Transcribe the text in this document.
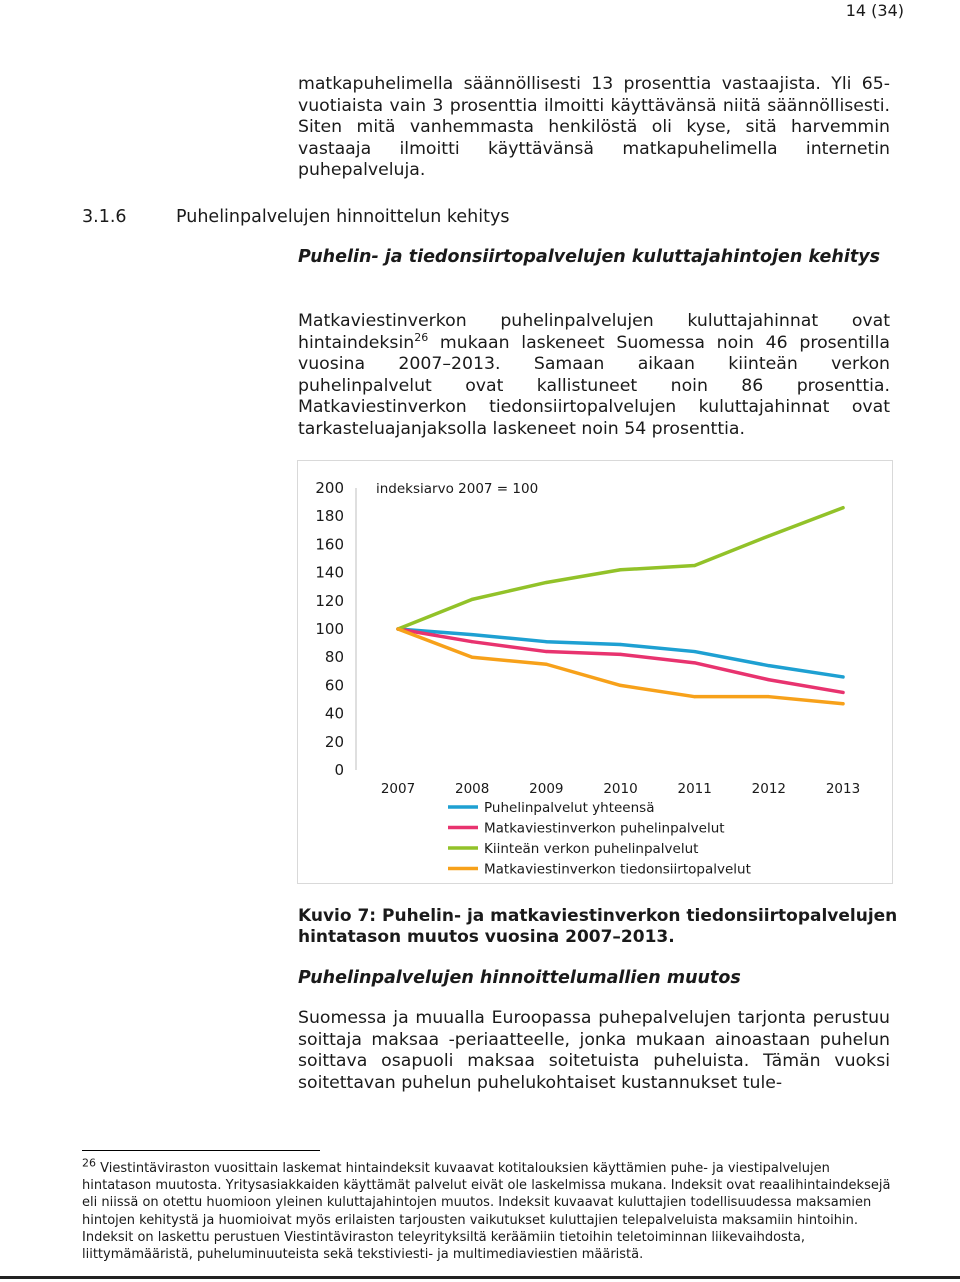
14 (34)
matkapuhelimella säännöllisesti 13 prosenttia vastaajista. Yli 65-vuotiaista vain 3 prosenttia ilmoitti käyttävänsä niitä säännöllisesti. Siten mitä vanhemmasta henkilöstä oli kyse, sitä harvemmin vastaaja ilmoitti käyttävänsä matkapuhelimella internetin puhepalveluja.
3.1.6	Puhelinpalvelujen hinnoittelun kehitys
Puhelin- ja tiedonsiirtopalvelujen kuluttajahintojen kehitys
Matkaviestinverkon puhelinpalvelujen kuluttajahinnat ovat hintaindeksin$^{26}$ mukaan laskeneet Suomessa noin 46 prosentilla vuosina 2007–2013. Samaan aikaan kiinteän verkon puhelinpalvelut ovat kallistuneet noin 86 prosenttia. Matkaviestinverkon tiedonsiirtopalvelujen kuluttajahinnat ovat tarkasteluajanjaksolla laskeneet noin 54 prosenttia.
200
180
160
140
120
100
80
60
40
20
0
indeksiarvo 2007 = 100
2007	2008	2009	2010	2011	2012	2013
Puhelinpalvelut yhteensä
Matkaviestinverkon puhelinpalvelut
Kiinteän verkon puhelinpalvelut
Matkaviestinverkon tiedonsiirtopalvelut
Kuvio 7: Puhelin- ja matkaviestinverkon tiedonsiirtopalvelujen hintatason muutos vuosina 2007–2013.
Puhelinpalvelujen hinnoittelumallien muutos
Suomessa ja muualla Euroopassa puhepalvelujen tarjonta perustuu soittaja maksaa -periaatteelle, jonka mukaan ainoastaan puhelun soittava osapuoli maksaa soitetuista puheluista. Tämän vuoksi soitettavan puhelun puhelukohtaiset kustannukset tule-
$^{26}$ Viestintäviraston vuosittain laskemat hintaindeksit kuvaavat kotitalouksien käyttämien puhe- ja viestipalvelujen hintatason muutosta. Yritysasiakkaiden käyttämät palvelut eivät ole laskelmissa mukana. Indeksit ovat reaalihintaindeksejä eli niissä on otettu huomioon yleinen kuluttajahintojen muutos. Indeksit kuvaavat kuluttajien todellisuudessa maksamien hintojen kehitystä ja huomioivat myös erilaisten tarjousten vaikutukset kuluttajien telepalveluista maksamiin hintoihin. Indeksit on laskettu perustuen Viestintäviraston teleyrityksiltä keräämiin tietoihin teletoiminnan liikevaihdosta, liittymämääristä, puheluminuuteista sekä tekstiviesti- ja multimediaviestien määristä.
